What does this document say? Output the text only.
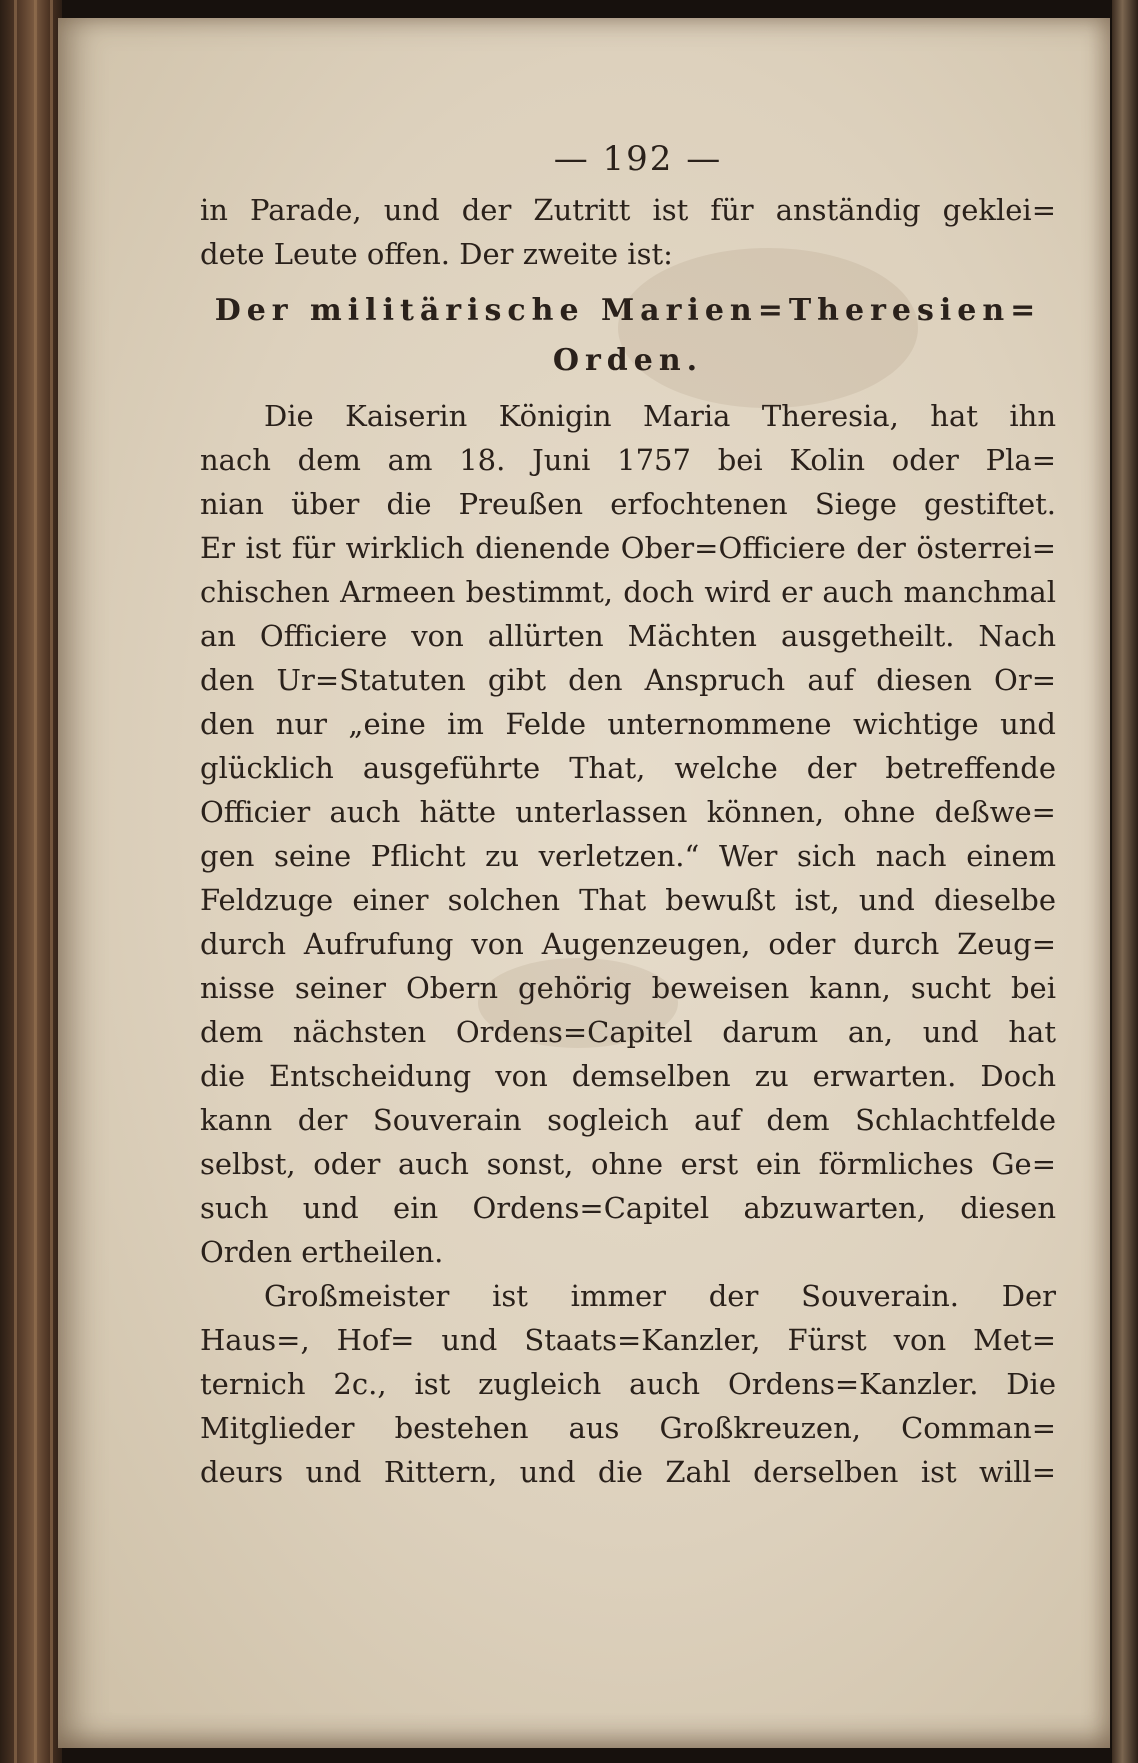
— 192 —
in Parade, und der Zutritt ist für anständig geklei=
dete Leute offen. Der zweite ist:
Der militärische Marien=Theresien=
Orden.
Die Kaiserin Königin Maria Theresia, hat ihn
nach dem am 18. Juni 1757 bei Kolin oder Pla=
nian über die Preußen erfochtenen Siege gestiftet.
Er ist für wirklich dienende Ober=Officiere der österrei=
chischen Armeen bestimmt, doch wird er auch manchmal
an Officiere von allürten Mächten ausgetheilt. Nach
den Ur=Statuten gibt den Anspruch auf diesen Or=
den nur „eine im Felde unternommene wichtige und
glücklich ausgeführte That, welche der betreffende
Officier auch hätte unterlassen können, ohne deßwe=
gen seine Pflicht zu verletzen.“ Wer sich nach einem
Feldzuge einer solchen That bewußt ist, und dieselbe
durch Aufrufung von Augenzeugen, oder durch Zeug=
nisse seiner Obern gehörig beweisen kann, sucht bei
dem nächsten Ordens=Capitel darum an, und hat
die Entscheidung von demselben zu erwarten. Doch
kann der Souverain sogleich auf dem Schlachtfelde
selbst, oder auch sonst, ohne erst ein förmliches Ge=
such und ein Ordens=Capitel abzuwarten, diesen
Orden ertheilen.
Großmeister ist immer der Souverain. Der
Haus=, Hof= und Staats=Kanzler, Fürst von Met=
ternich 2c., ist zugleich auch Ordens=Kanzler. Die
Mitglieder bestehen aus Großkreuzen, Comman=
deurs und Rittern, und die Zahl derselben ist will=
